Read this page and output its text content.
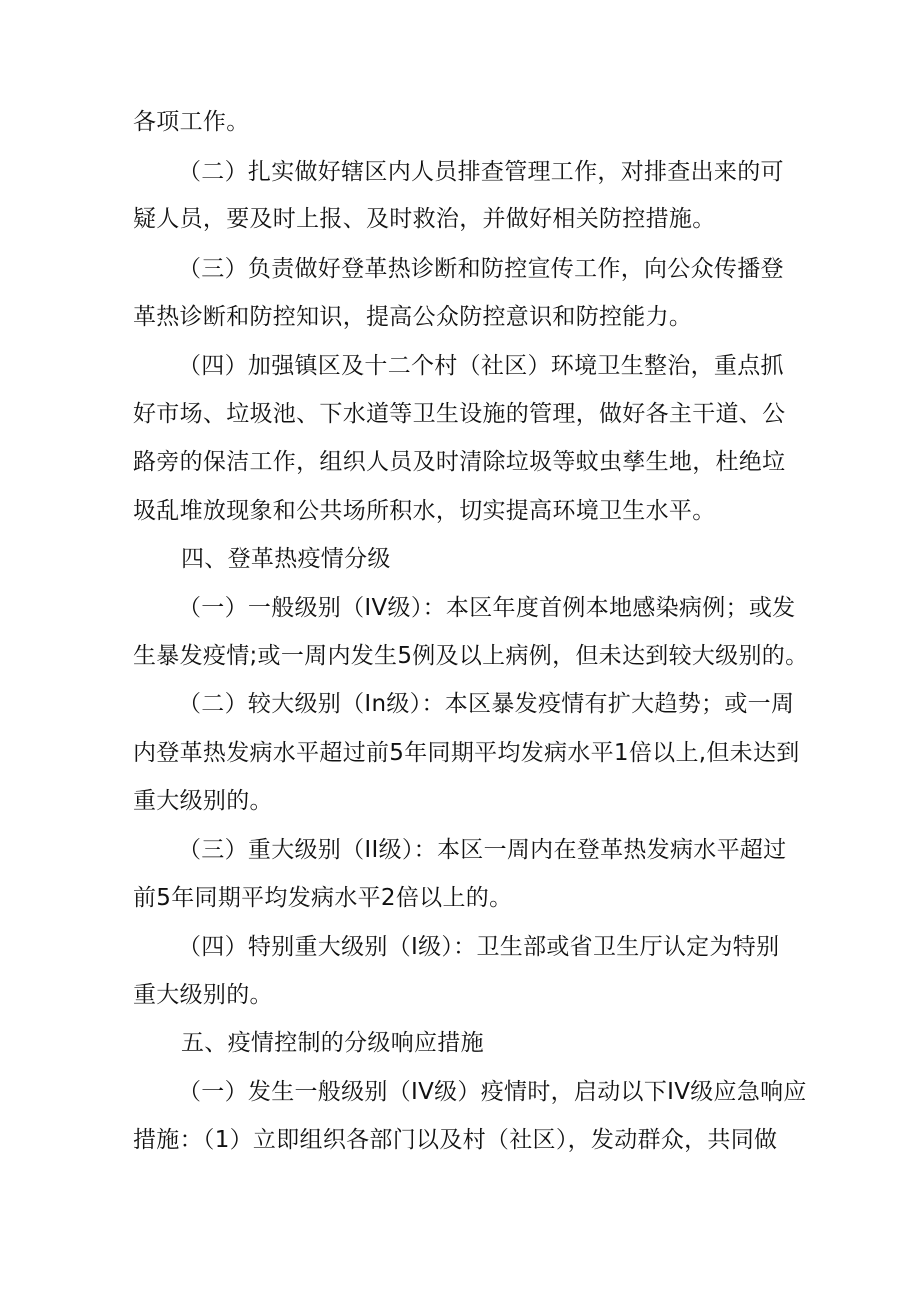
各项工作。
（二）扎实做好辖区内人员排查管理工作，对排查出来的可
疑人员，要及时上报、及时救治，并做好相关防控措施。
（三）负责做好登革热诊断和防控宣传工作，向公众传播登
革热诊断和防控知识，提高公众防控意识和防控能力。
（四）加强镇区及十二个村（社区）环境卫生整治，重点抓
好市场、垃圾池、下水道等卫生设施的管理，做好各主干道、公
路旁的保洁工作，组织人员及时清除垃圾等蚊虫孳生地，杜绝垃
圾乱堆放现象和公共场所积水，切实提高环境卫生水平。
四、登革热疫情分级
（一）一般级别（IV级）：本区年度首例本地感染病例；或发
生暴发疫情;或一周内发生5例及以上病例，但未达到较大级别的。
（二）较大级别（In级）：本区暴发疫情有扩大趋势；或一周
内登革热发病水平超过前5年同期平均发病水平1倍以上,但未达到
重大级别的。
（三）重大级别（II级）：本区一周内在登革热发病水平超过
前5年同期平均发病水平2倍以上的。
（四）特别重大级别（I级）：卫生部或省卫生厅认定为特别
重大级别的。
五、疫情控制的分级响应措施
（一）发生一般级别（IV级）疫情时，启动以下IV级应急响应
措施：（1）立即组织各部门以及村（社区），发动群众，共同做
